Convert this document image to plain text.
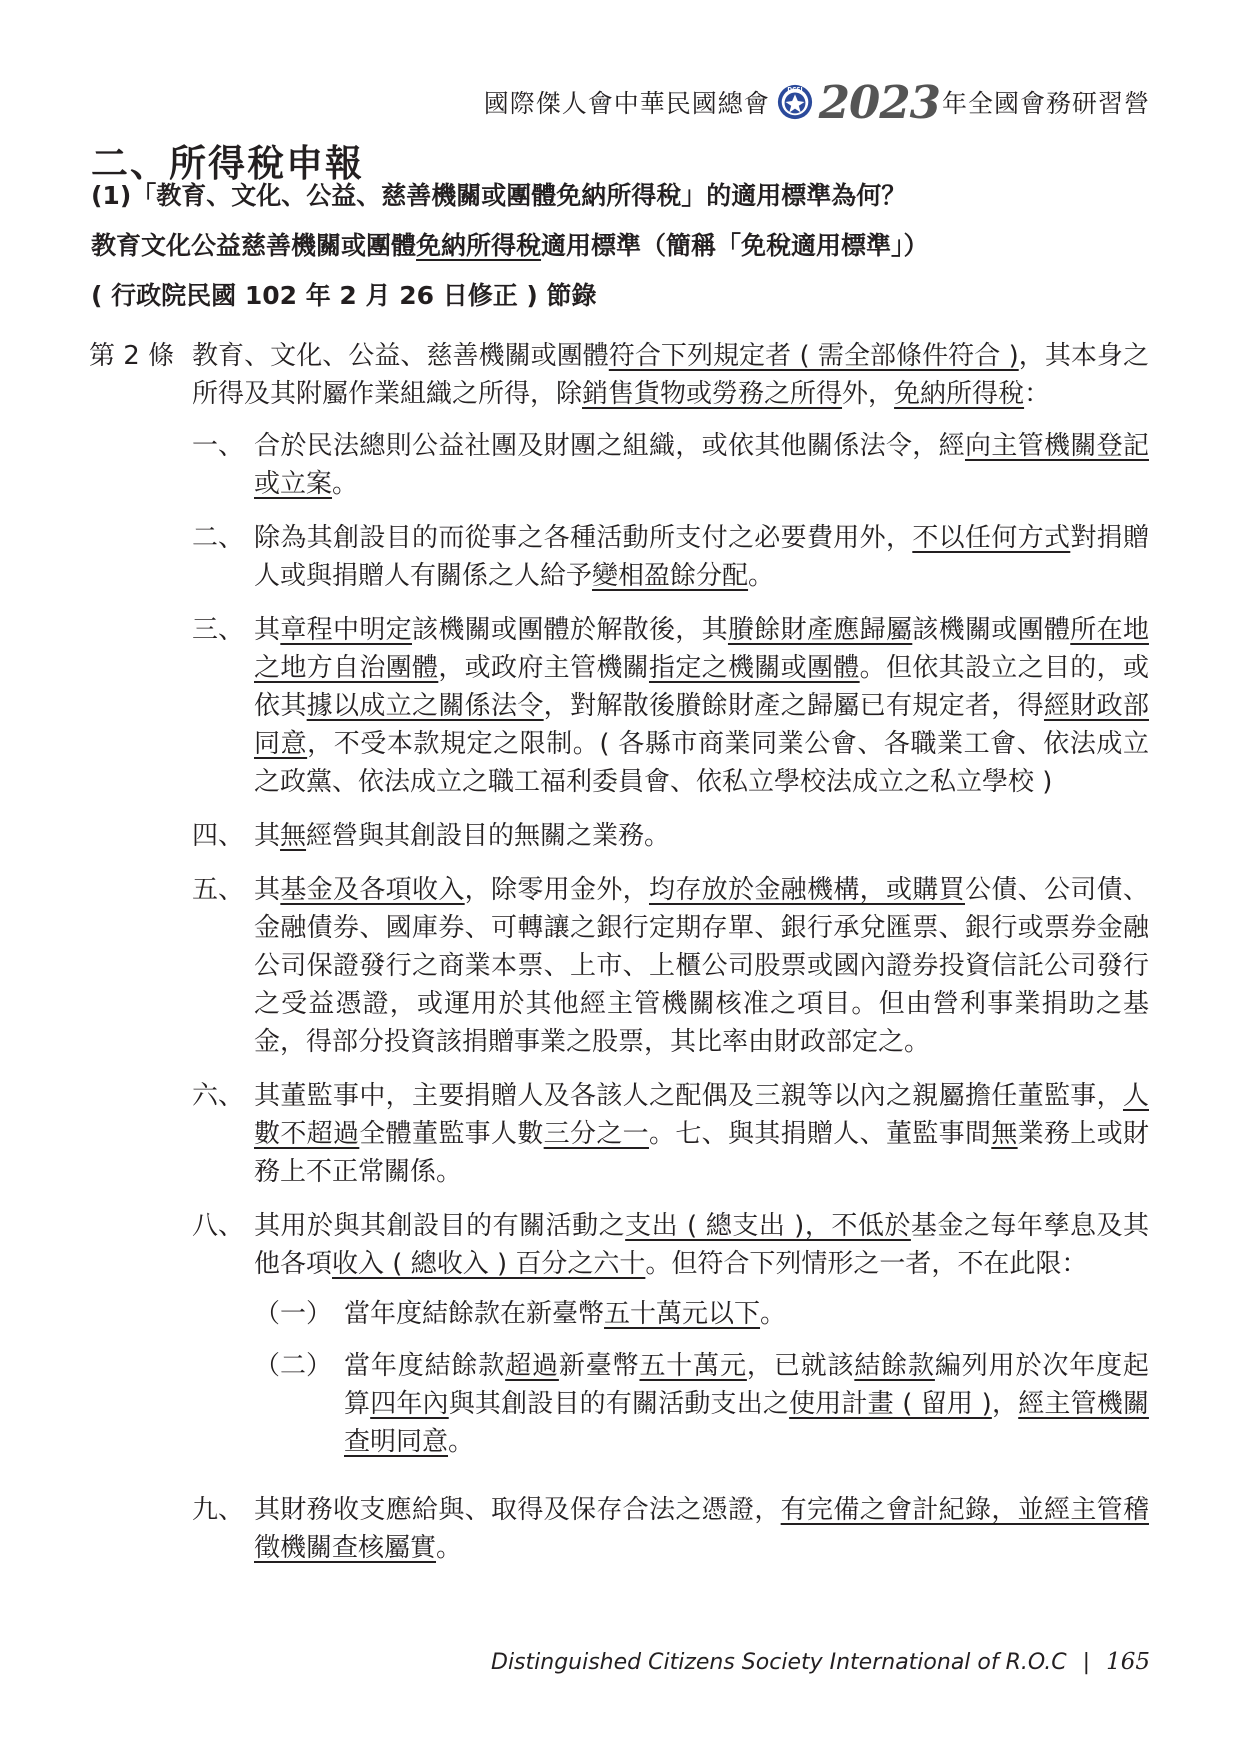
國際傑人會中華民國總會	DCSI 2023 年全國會務研習營
二、所得稅申報

(1)「教育、文化、公益、慈善機關或團體免納所得稅」的適用標準為何？

教育文化公益慈善機關或團體免納所得稅適用標準（簡稱「免稅適用標準」）

( 行政院民國 102 年 2 月 26 日修正 ) 節錄

第 2 條 教育、文化、公益、慈善機關或團體符合下列規定者 ( 需全部條件符合 )，其本身之所得及其附屬作業組織之所得，除銷售貨物或勞務之所得外，免納所得稅：
一、 合於民法總則公益社團及財團之組織，或依其他關係法令，經向主管機關登記或立案。
二、 除為其創設目的而從事之各種活動所支付之必要費用外，不以任何方式對捐贈人或與捐贈人有關係之人給予變相盈餘分配。
三、 其章程中明定該機關或團體於解散後，其賸餘財產應歸屬該機關或團體所在地之地方自治團體，或政府主管機關指定之機關或團體。但依其設立之目的，或依其據以成立之關係法令，對解散後賸餘財產之歸屬已有規定者，得經財政部同意，不受本款規定之限制。( 各縣市商業同業公會、各職業工會、依法成立之政黨、依法成立之職工福利委員會、依私立學校法成立之私立學校 )
四、 其無經營與其創設目的無關之業務。
五、 其基金及各項收入，除零用金外，均存放於金融機構，或購買公債、公司債、金融債券、國庫券、可轉讓之銀行定期存單、銀行承兌匯票、銀行或票券金融公司保證發行之商業本票、上市、上櫃公司股票或國內證券投資信託公司發行之受益憑證，或運用於其他經主管機關核准之項目。但由營利事業捐助之基金，得部分投資該捐贈事業之股票，其比率由財政部定之。
六、 其董監事中，主要捐贈人及各該人之配偶及三親等以內之親屬擔任董監事，人數不超過全體董監事人數三分之一。七、與其捐贈人、董監事間無業務上或財務上不正常關係。
八、 其用於與其創設目的有關活動之支出 ( 總支出 )，不低於基金之每年孳息及其他各項收入 ( 總收入 ) 百分之六十。但符合下列情形之一者，不在此限：
（一） 當年度結餘款在新臺幣五十萬元以下。
（二） 當年度結餘款超過新臺幣五十萬元，已就該結餘款編列用於次年度起算四年內與其創設目的有關活動支出之使用計畫 ( 留用 )，經主管機關查明同意。
九、 其財務收支應給與、取得及保存合法之憑證，有完備之會計紀錄，並經主管稽徵機關查核屬實。
Distinguished Citizens Society International of R.O.C | 165
